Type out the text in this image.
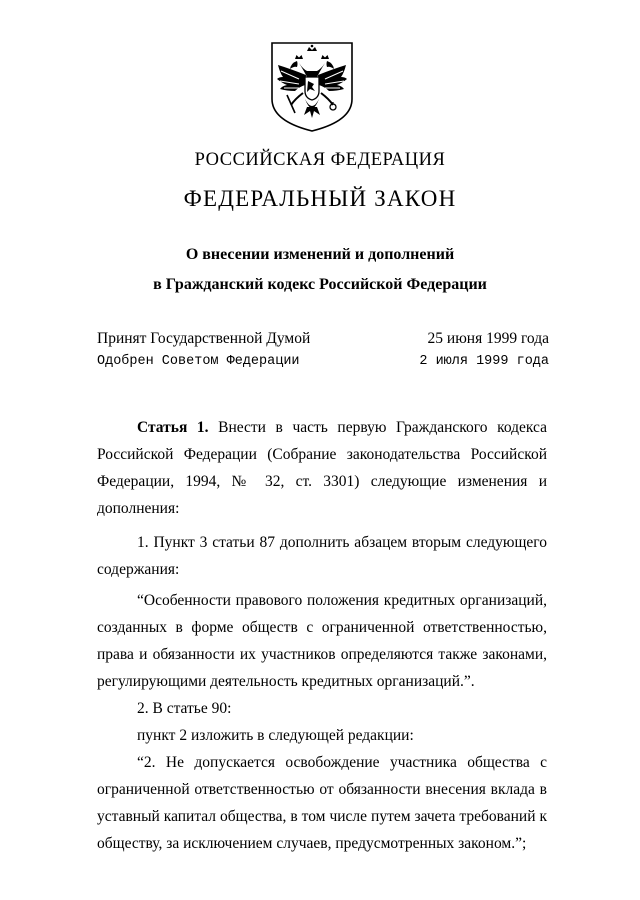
РОССИЙСКАЯ ФЕДЕРАЦИЯ
ФЕДЕРАЛЬНЫЙ ЗАКОН
О внесении изменений и дополнений
в Гражданский кодекс Российской Федерации
Принят Государственной Думой	25 июня 1999 года
Одобрен Советом Федерации	2 июля 1999 года

Статья 1. Внести в часть первую Гражданского кодекса Российской Федерации (Собрание законодательства Российской Федерации, 1994, № 32, ст. 3301) следующие изменения и дополнения:

1. Пункт 3 статьи 87 дополнить абзацем вторым следующего содержания:

“Особенности правового положения кредитных организаций, созданных в форме обществ с ограниченной ответственностью, права и обязанности их участников определяются также законами, регулирующими деятельность кредитных организаций.”.

2. В статье 90:

пункт 2 изложить в следующей редакции:

“2. Не допускается освобождение участника общества с ограниченной ответственностью от обязанности внесения вклада в уставный капитал общества, в том числе путем зачета требований к обществу, за исключением случаев, предусмотренных законом.”;
